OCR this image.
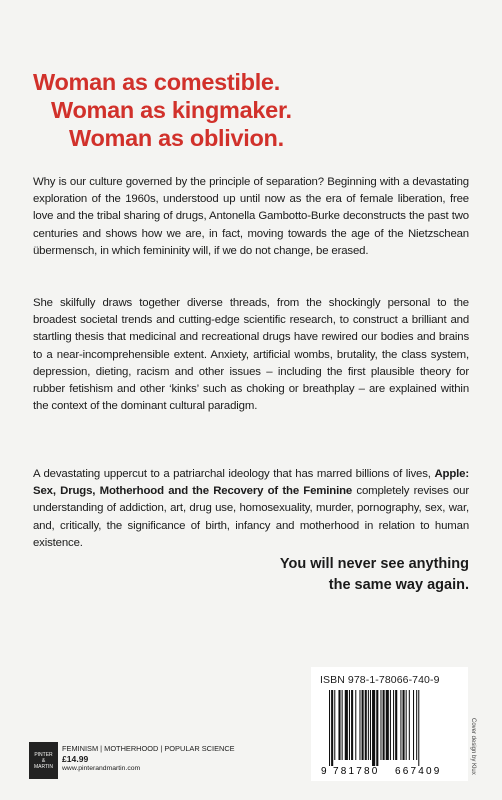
Woman as comestible.
Woman as kingmaker.
Woman as oblivion.
Why is our culture governed by the principle of separation? Beginning with a devastating exploration of the 1960s, understood up until now as the era of female liberation, free love and the tribal sharing of drugs, Antonella Gambotto-Burke deconstructs the past two centuries and shows how we are, in fact, moving towards the age of the Nietzschean übermensch, in which femininity will, if we do not change, be erased.
She skilfully draws together diverse threads, from the shockingly personal to the broadest societal trends and cutting-edge scientific research, to construct a brilliant and startling thesis that medicinal and recreational drugs have rewired our bodies and brains to a near-incomprehensible extent. Anxiety, artificial wombs, brutality, the class system, depression, dieting, racism and other issues – including the first plausible theory for rubber fetishism and other ‘kinks’ such as choking or breathplay – are explained within the context of the dominant cultural paradigm.
A devastating uppercut to a patriarchal ideology that has marred billions of lives, Apple: Sex, Drugs, Motherhood and the Recovery of the Feminine completely revises our understanding of addiction, art, drug use, homosexuality, murder, pornography, sex, war, and, critically, the significance of birth, infancy and motherhood in relation to human existence.
You will never see anything
the same way again.
ISBN 978-1-78066-740-9
9 781780 667409	Cover design by Klux
PINTER
&
MARTIN
FEMINISM | MOTHERHOOD | POPULAR SCIENCE
£14.99
www.pinterandmartin.com
